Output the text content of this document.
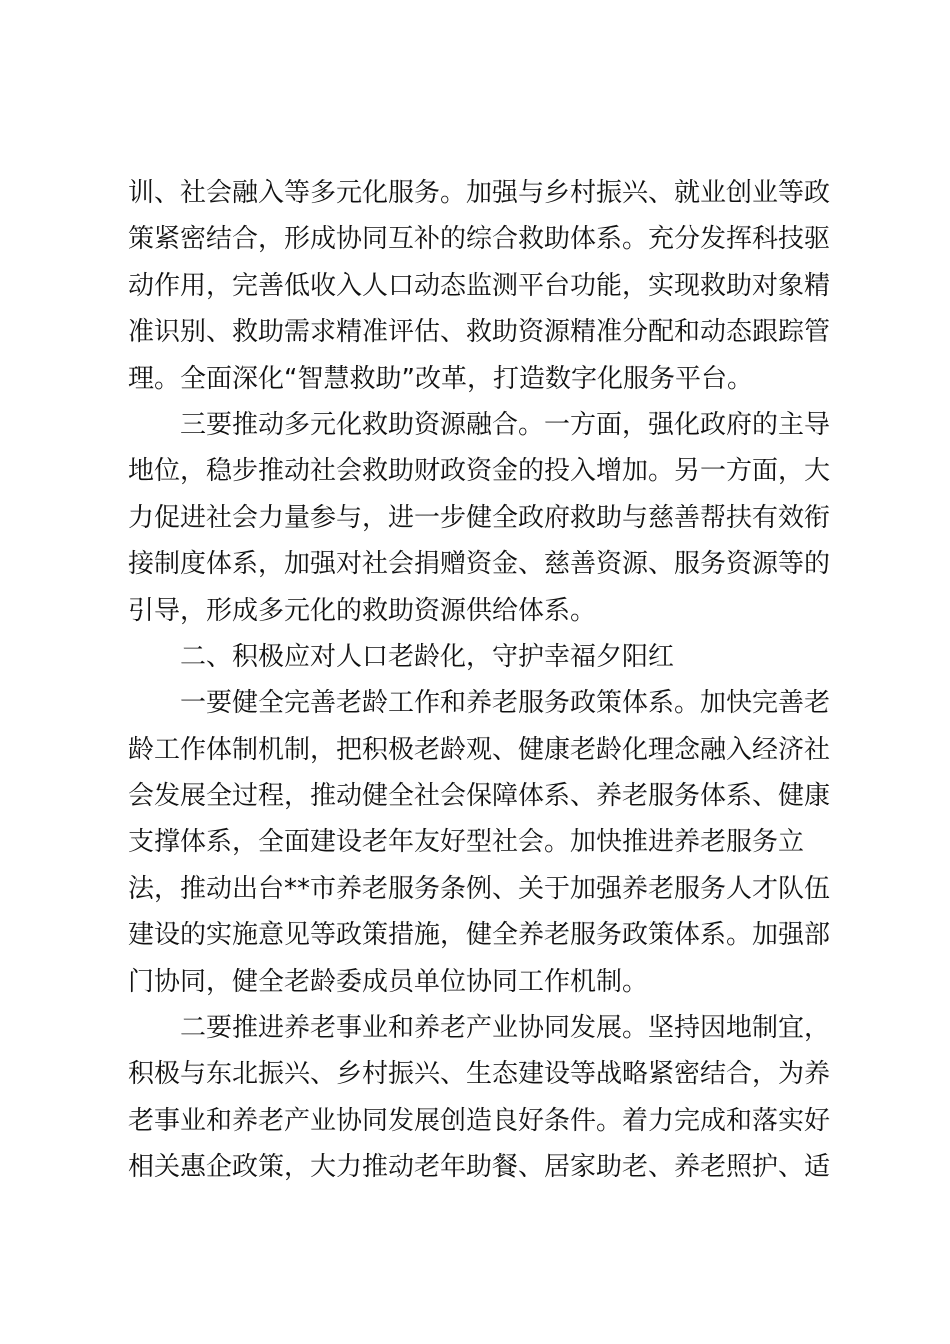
训、社会融入等多元化服务。加强与乡村振兴、就业创业等政
策紧密结合，形成协同互补的综合救助体系。充分发挥科技驱
动作用，完善低收入人口动态监测平台功能，实现救助对象精
准识别、救助需求精准评估、救助资源精准分配和动态跟踪管
理。全面深化“智慧救助”改革，打造数字化服务平台。
三要推动多元化救助资源融合。一方面，强化政府的主导
地位，稳步推动社会救助财政资金的投入增加。另一方面，大
力促进社会力量参与，进一步健全政府救助与慈善帮扶有效衔
接制度体系，加强对社会捐赠资金、慈善资源、服务资源等的
引导，形成多元化的救助资源供给体系。
二、积极应对人口老龄化，守护幸福夕阳红
一要健全完善老龄工作和养老服务政策体系。加快完善老
龄工作体制机制，把积极老龄观、健康老龄化理念融入经济社
会发展全过程，推动健全社会保障体系、养老服务体系、健康
支撑体系，全面建设老年友好型社会。加快推进养老服务立
法，推动出台**市养老服务条例、关于加强养老服务人才队伍
建设的实施意见等政策措施，健全养老服务政策体系。加强部
门协同，健全老龄委成员单位协同工作机制。
二要推进养老事业和养老产业协同发展。坚持因地制宜，
积极与东北振兴、乡村振兴、生态建设等战略紧密结合，为养
老事业和养老产业协同发展创造良好条件。着力完成和落实好
相关惠企政策，大力推动老年助餐、居家助老、养老照护、适
